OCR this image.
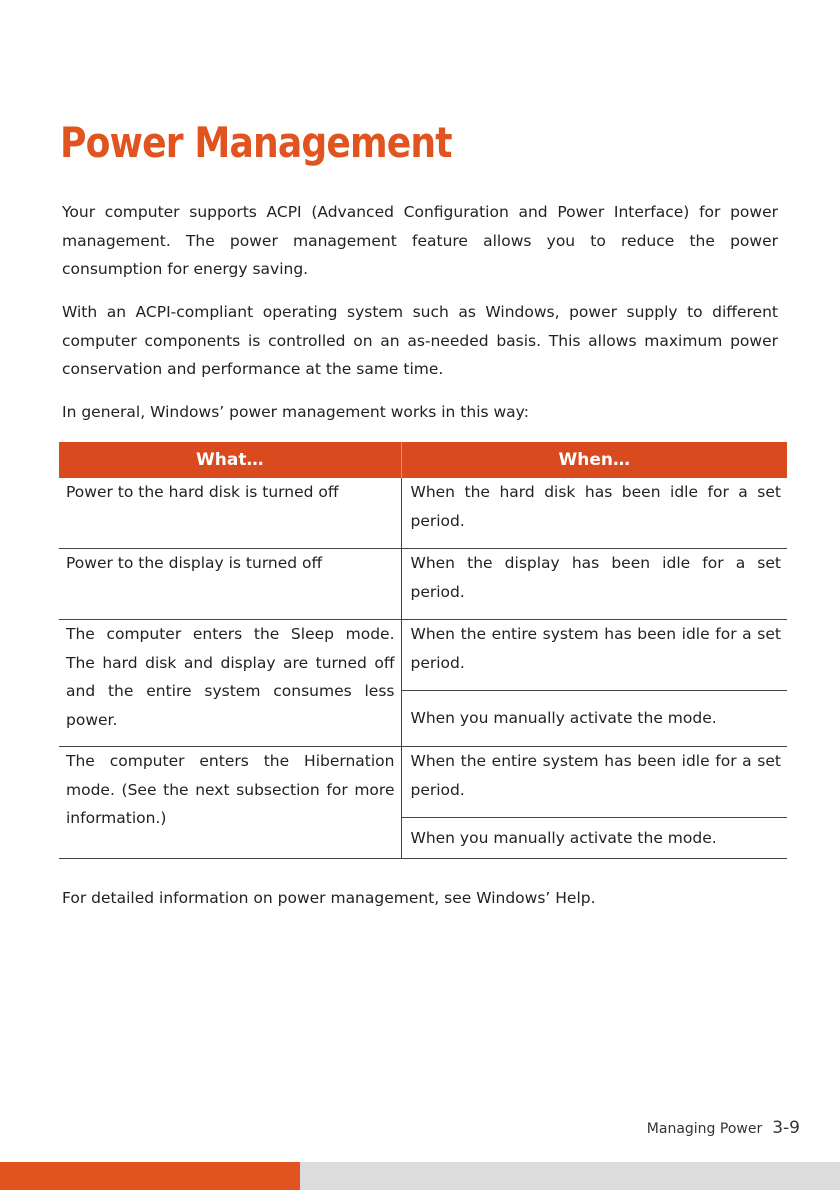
Power Management

Your computer supports ACPI (Advanced Configuration and Power Interface) for power management. The power management feature allows you to reduce the power consumption for energy saving.

With an ACPI-compliant operating system such as Windows, power supply to different computer components is controlled on an as-needed basis. This allows maximum power conservation and performance at the same time.

In general, Windows’ power management works in this way:

What…	When…
Power to the hard disk is turned off	When the hard disk has been idle for a set period.
Power to the display is turned off	When the display has been idle for a set period.
The computer enters the Sleep mode. The hard disk and display are turned off and the entire system consumes less power.	When the entire system has been idle for a set period.
	When you manually activate the mode.
The computer enters the Hibernation mode. (See the next subsection for more information.)	When the entire system has been idle for a set period.
	When you manually activate the mode.

For detailed information on power management, see Windows’ Help.

Managing Power 3-9
